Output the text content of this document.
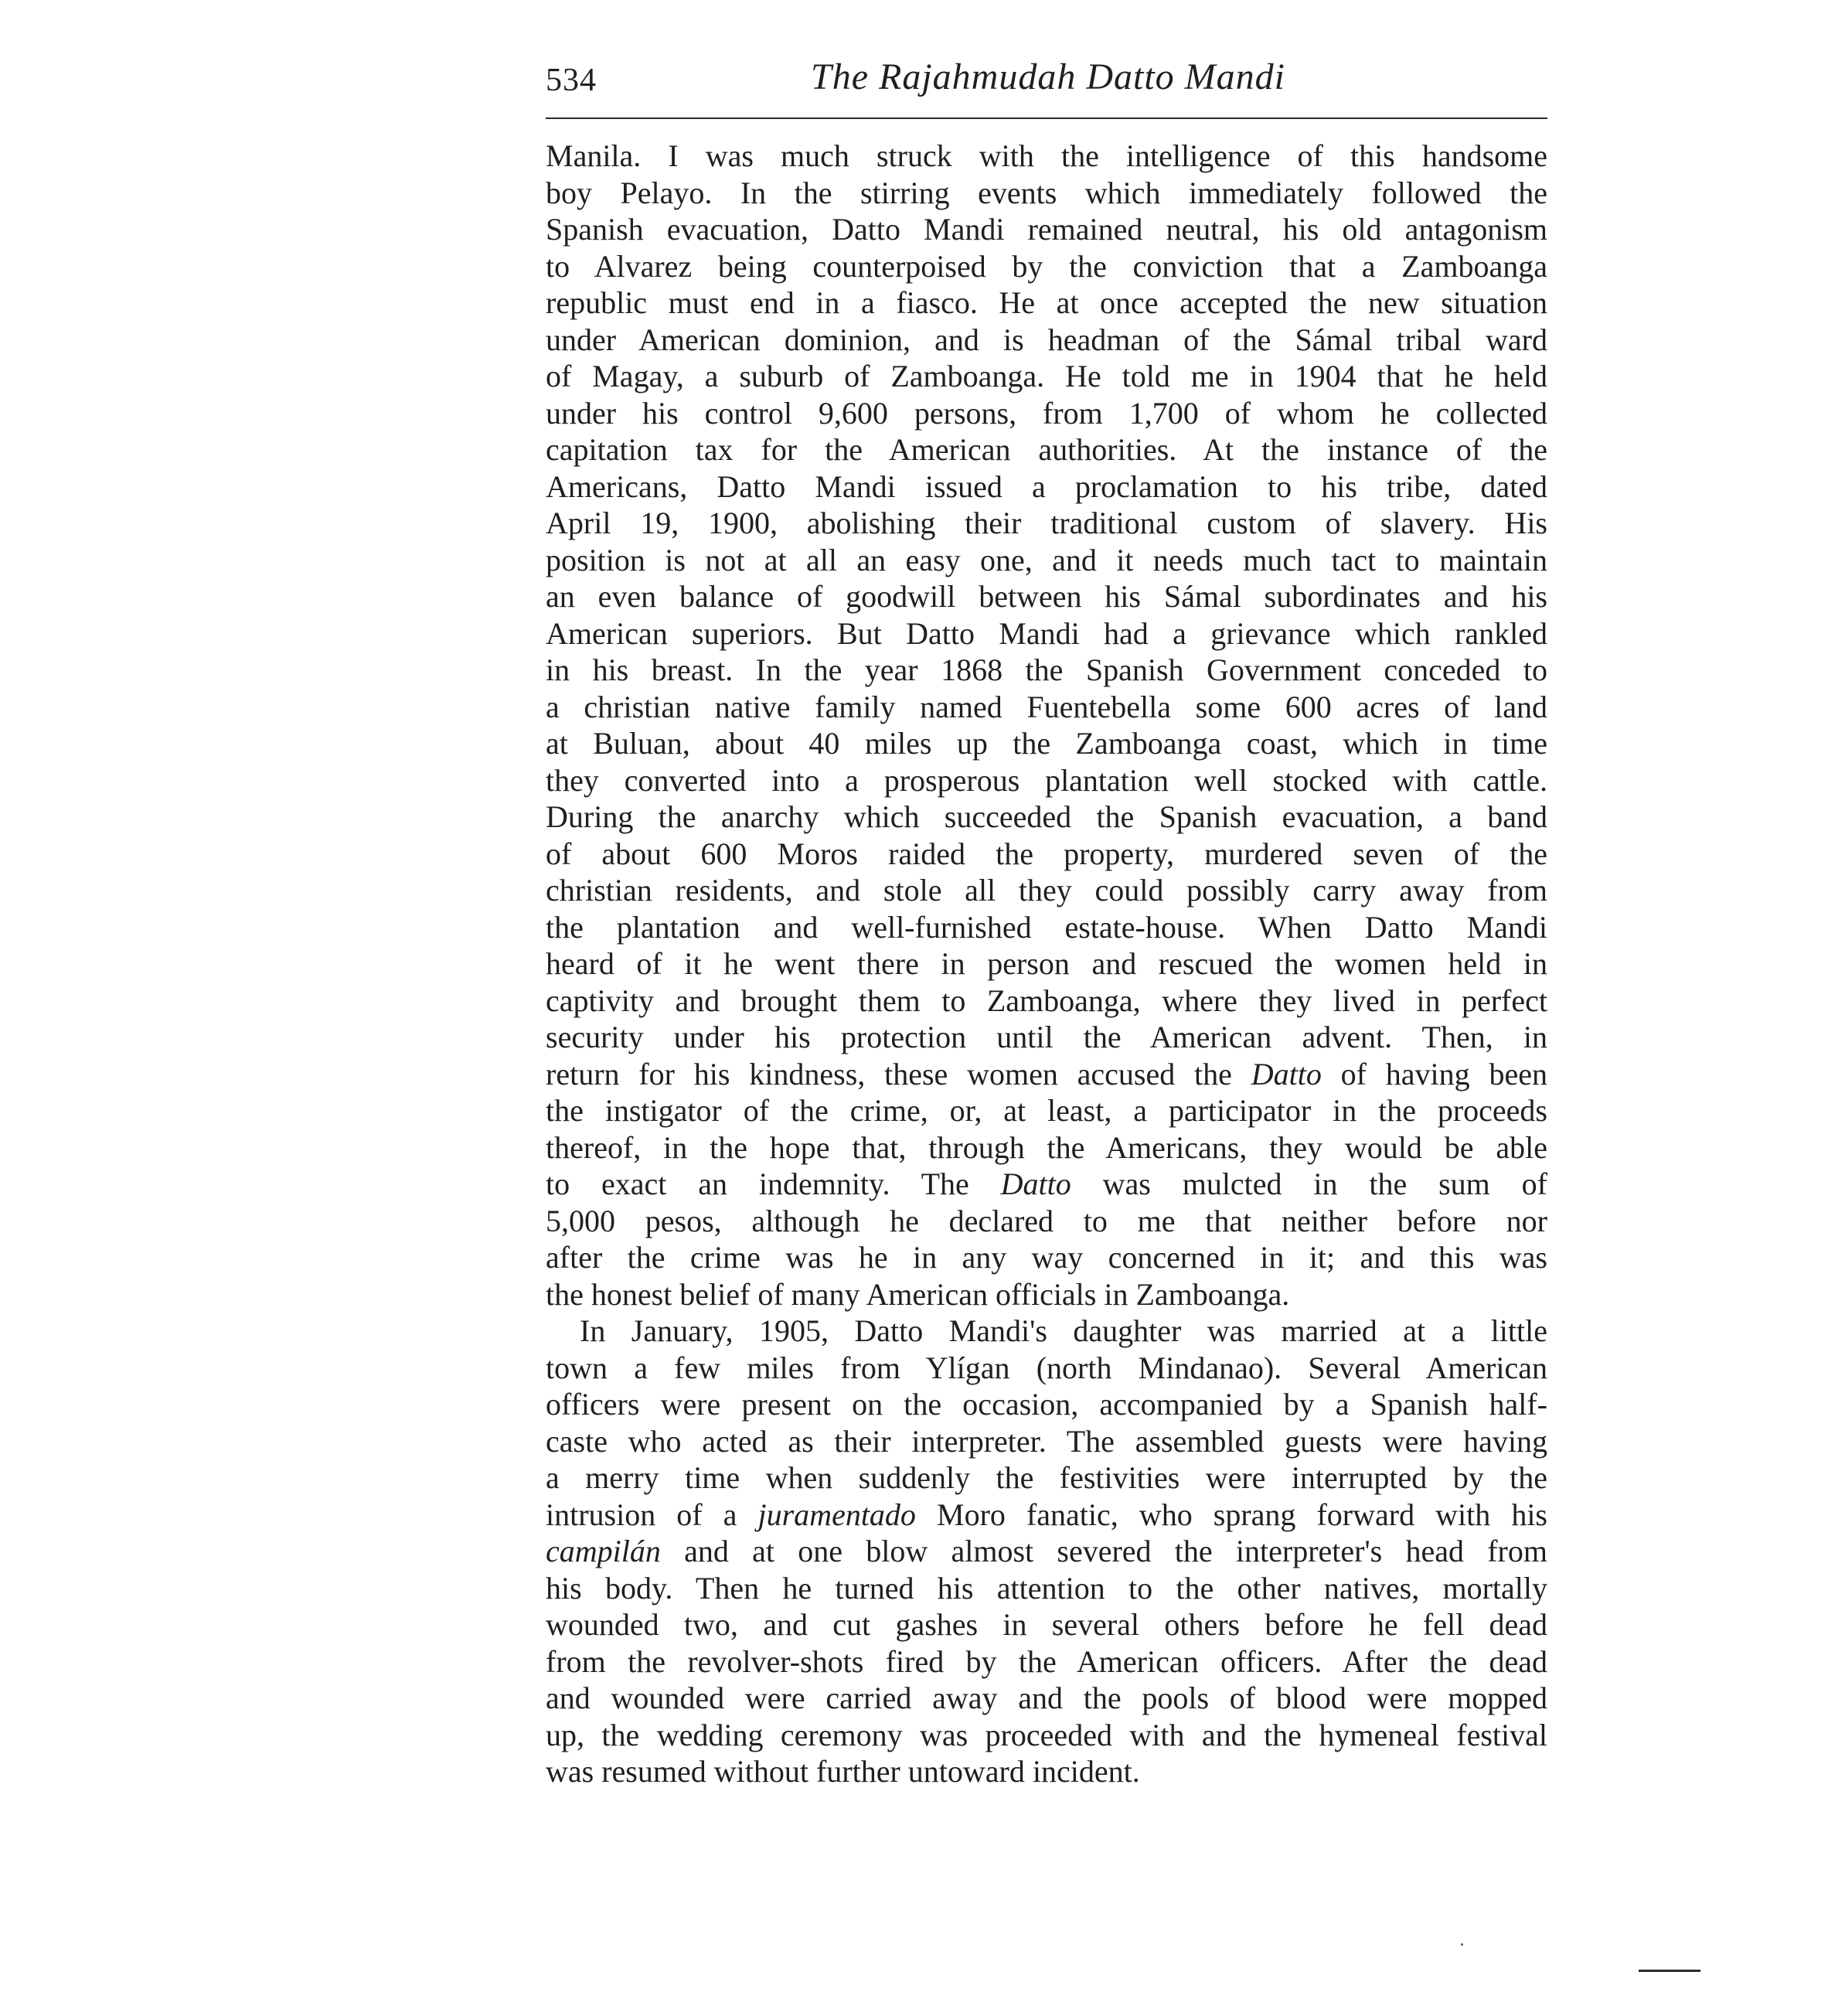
534	The Rajahmudah Datto Mandi
Manila. I was much struck with the intelligence of this handsome
boy Pelayo. In the stirring events which immediately followed the
Spanish evacuation, Datto Mandi remained neutral, his old antagonism
to Alvarez being counterpoised by the conviction that a Zamboanga
republic must end in a fiasco. He at once accepted the new situation
under American dominion, and is headman of the Sámal tribal ward
of Magay, a suburb of Zamboanga. He told me in 1904 that he held
under his control 9,600 persons, from 1,700 of whom he collected
capitation tax for the American authorities. At the instance of the
Americans, Datto Mandi issued a proclamation to his tribe, dated
April 19, 1900, abolishing their traditional custom of slavery. His
position is not at all an easy one, and it needs much tact to maintain
an even balance of goodwill between his Sámal subordinates and his
American superiors. But Datto Mandi had a grievance which rankled
in his breast. In the year 1868 the Spanish Government conceded to
a christian native family named Fuentebella some 600 acres of land
at Buluan, about 40 miles up the Zamboanga coast, which in time
they converted into a prosperous plantation well stocked with cattle.
During the anarchy which succeeded the Spanish evacuation, a band
of about 600 Moros raided the property, murdered seven of the
christian residents, and stole all they could possibly carry away from
the plantation and well-furnished estate-house. When Datto Mandi
heard of it he went there in person and rescued the women held in
captivity and brought them to Zamboanga, where they lived in perfect
security under his protection until the American advent. Then, in
return for his kindness, these women accused the Datto of having been
the instigator of the crime, or, at least, a participator in the proceeds
thereof, in the hope that, through the Americans, they would be able
to exact an indemnity. The Datto was mulcted in the sum of
5,000 pesos, although he declared to me that neither before nor
after the crime was he in any way concerned in it; and this was
the honest belief of many American officials in Zamboanga.
In January, 1905, Datto Mandi's daughter was married at a little
town a few miles from Ylígan (north Mindanao). Several American
officers were present on the occasion, accompanied by a Spanish half-
caste who acted as their interpreter. The assembled guests were having
a merry time when suddenly the festivities were interrupted by the
intrusion of a juramentado Moro fanatic, who sprang forward with his
campilán and at one blow almost severed the interpreter's head from
his body. Then he turned his attention to the other natives, mortally
wounded two, and cut gashes in several others before he fell dead
from the revolver-shots fired by the American officers. After the dead
and wounded were carried away and the pools of blood were mopped
up, the wedding ceremony was proceeded with and the hymeneal festival
was resumed without further untoward incident.
